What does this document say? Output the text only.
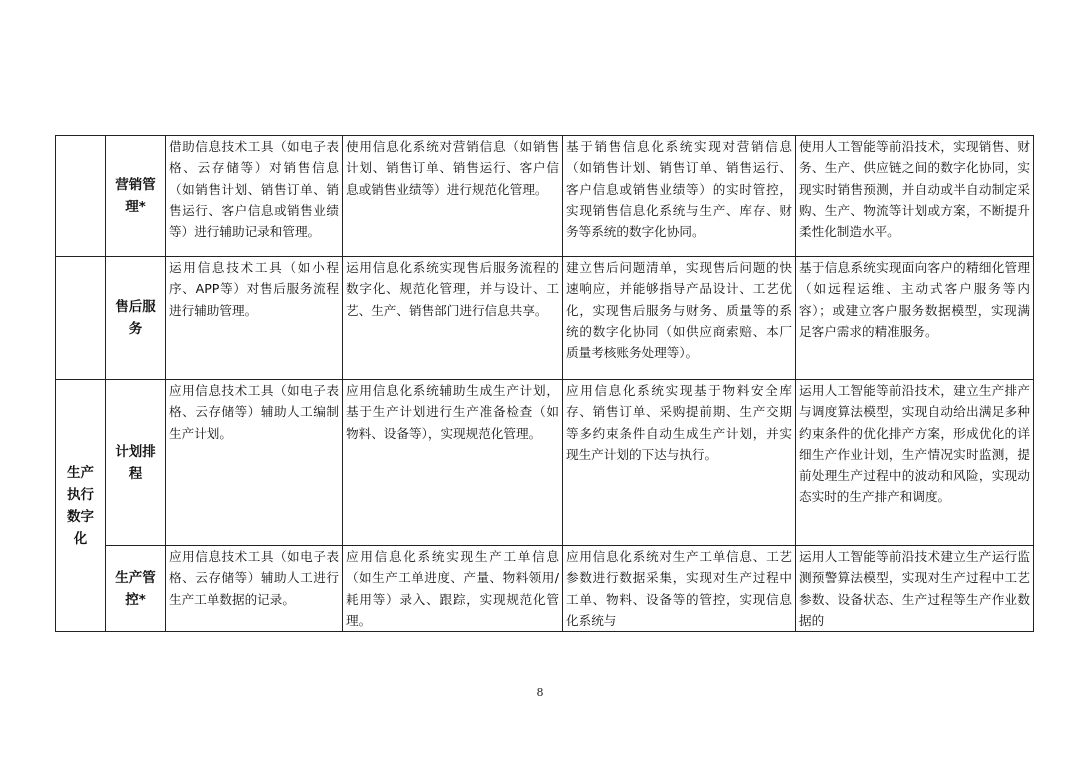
	营销管理*	借助信息技术工具（如电子表格、云存储等）对销售信息（如销售计划、销售订单、销售运行、客户信息或销售业绩等）进行辅助记录和管理。	使用信息化系统对营销信息（如销售计划、销售订单、销售运行、客户信息或销售业绩等）进行规范化管理。	基于销售信息化系统实现对营销信息（如销售计划、销售订单、销售运行、客户信息或销售业绩等）的实时管控，实现销售信息化系统与生产、库存、财务等系统的数字化协同。	使用人工智能等前沿技术，实现销售、财务、生产、供应链之间的数字化协同，实现实时销售预测，并自动或半自动制定采购、生产、物流等计划或方案，不断提升柔性化制造水平。
	售后服务	运用信息技术工具（如小程序、APP等）对售后服务流程进行辅助管理。	运用信息化系统实现售后服务流程的数字化、规范化管理，并与设计、工艺、生产、销售部门进行信息共享。	建立售后问题清单，实现售后问题的快速响应，并能够指导产品设计、工艺优化，实现售后服务与财务、质量等的系统的数字化协同（如供应商索赔、本厂质量考核账务处理等）。	基于信息系统实现面向客户的精细化管理（如远程运维、主动式客户服务等内容）；或建立客户服务数据模型，实现满足客户需求的精准服务。
生产执行数字化	计划排程	应用信息技术工具（如电子表格、云存储等）辅助人工编制生产计划。	应用信息化系统辅助生成生产计划，基于生产计划进行生产准备检查（如物料、设备等），实现规范化管理。	应用信息化系统实现基于物料安全库存、销售订单、采购提前期、生产交期等多约束条件自动生成生产计划，并实现生产计划的下达与执行。	运用人工智能等前沿技术，建立生产排产与调度算法模型，实现自动给出满足多种约束条件的优化排产方案，形成优化的详细生产作业计划，生产情况实时监测，提前处理生产过程中的波动和风险，实现动态实时的生产排产和调度。
	生产管控*	应用信息技术工具（如电子表格、云存储等）辅助人工进行生产工单数据的记录。	应用信息化系统实现生产工单信息（如生产工单进度、产量、物料领用/耗用等）录入、跟踪，实现规范化管理。	应用信息化系统对生产工单信息、工艺参数进行数据采集，实现对生产过程中工单、物料、设备等的管控，实现信息化系统与	运用人工智能等前沿技术建立生产运行监测预警算法模型，实现对生产过程中工艺参数、设备状态、生产过程等生产作业数据的
8
